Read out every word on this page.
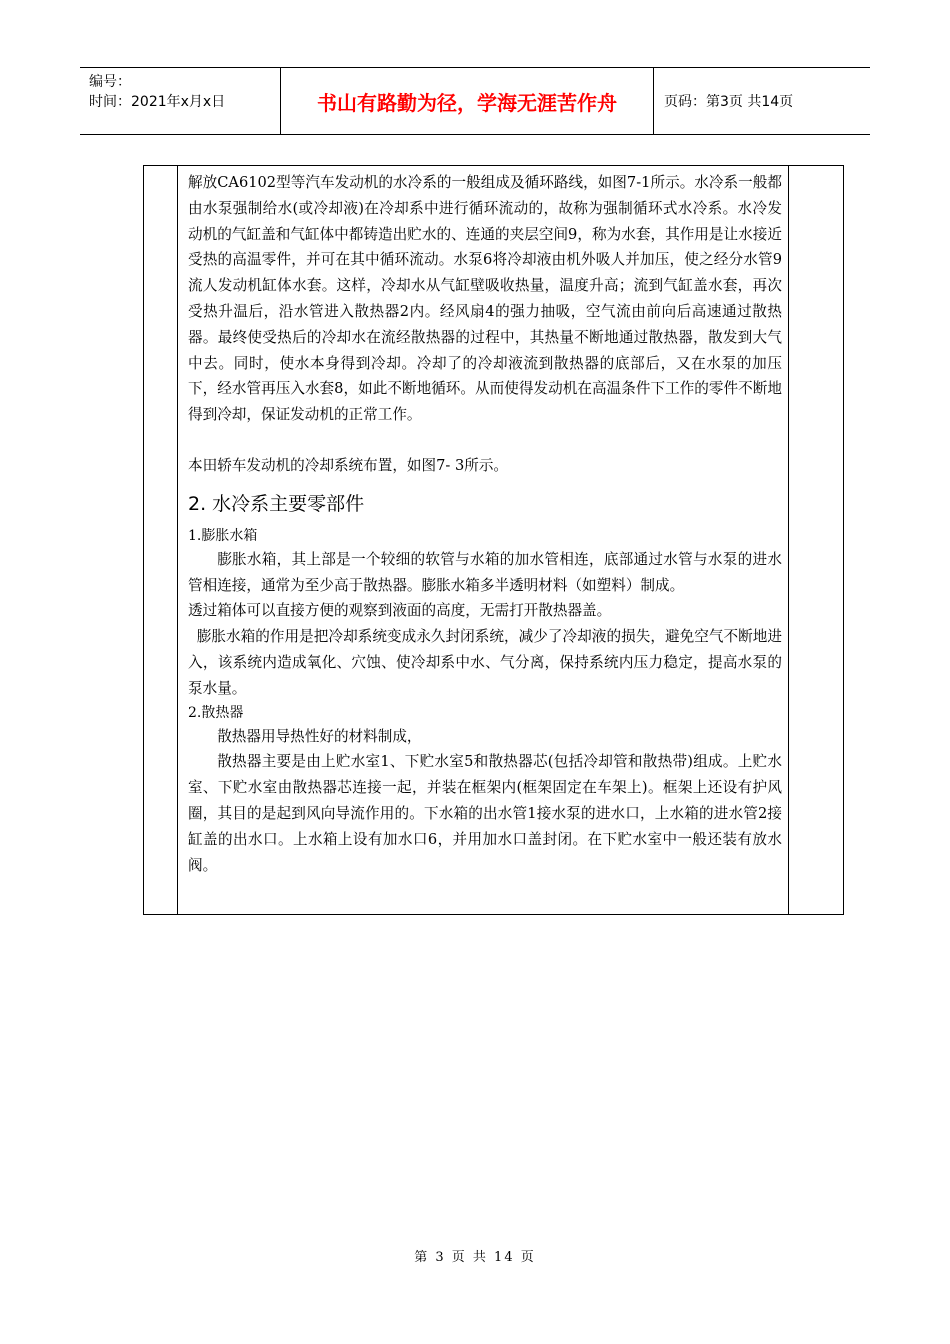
编号：
时间：2021年x月x日	书山有路勤为径，学海无涯苦作舟	页码：第3页 共14页

解放CA6102型等汽车发动机的水冷系的一般组成及循环路线，如图7-1所示。水冷系一般都由水泵强制给水(或冷却液)在冷却系中进行循环流动的，故称为强制循环式水冷系。水冷发动机的气缸盖和气缸体中都铸造出贮水的、连通的夹层空间9，称为水套，其作用是让水接近受热的高温零件，并可在其中循环流动。水泵6将冷却液由机外吸人并加压，使之经分水管9流人发动机缸体水套。这样，冷却水从气缸壁吸收热量，温度升高；流到气缸盖水套，再次受热升温后，沿水管进入散热器2内。经风扇4的强力抽吸，空气流由前向后高速通过散热器。最终使受热后的冷却水在流经散热器的过程中，其热量不断地通过散热器，散发到大气中去。同时，使水本身得到冷却。冷却了的冷却液流到散热器的底部后，又在水泵的加压下，经水管再压入水套8，如此不断地循环。从而使得发动机在高温条件下工作的零件不断地得到冷却，保证发动机的正常工作。

本田轿车发动机的冷却系统布置，如图7- 3所示。

2. 水冷系主要零部件

1.膨胀水箱

膨胀水箱，其上部是一个较细的软管与水箱的加水管相连，底部通过水管与水泵的进水管相连接，通常为至少高于散热器。膨胀水箱多半透明材料（如塑料）制成。

透过箱体可以直接方便的观察到液面的高度，无需打开散热器盖。

膨胀水箱的作用是把冷却系统变成永久封闭系统，减少了冷却液的损失，避免空气不断地进入，该系统内造成氧化、穴蚀、使冷却系中水、气分离，保持系统内压力稳定，提高水泵的泵水量。

2.散热器

散热器用导热性好的材料制成，

散热器主要是由上贮水室1、下贮水室5和散热器芯(包括冷却管和散热带)组成。上贮水室、下贮水室由散热器芯连接一起，并装在框架内(框架固定在车架上)。框架上还设有护风圈，其目的是起到风向导流作用的。下水箱的出水管1接水泵的进水口，上水箱的进水管2接缸盖的出水口。上水箱上设有加水口6，并用加水口盖封闭。在下贮水室中一般还装有放水阀。

第 3 页 共 14 页
